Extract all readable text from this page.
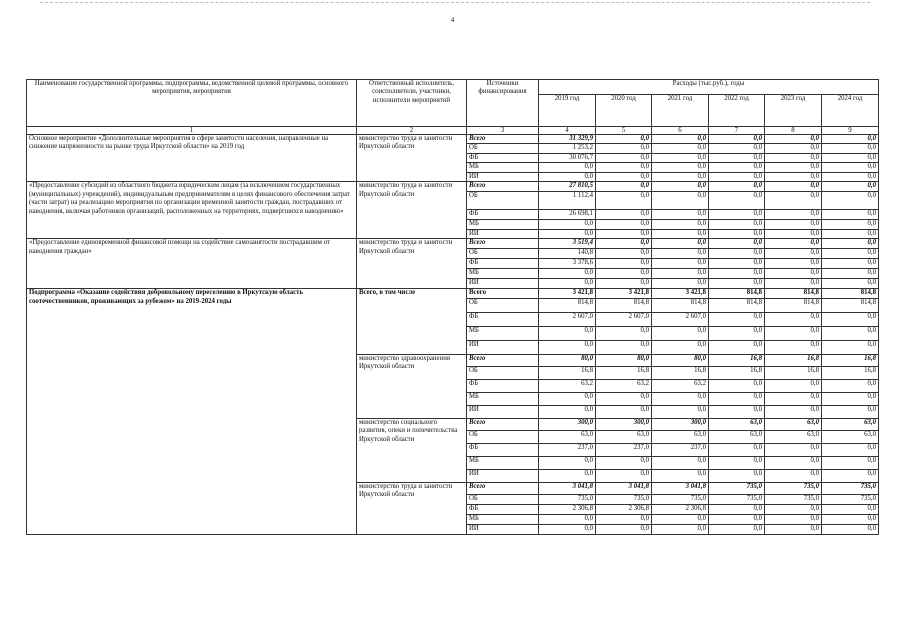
4
Наименование государственной программы, подпрограммы, ведомственной целевой программы, основного мероприятия, мероприятия	Ответственный исполнитель, соисполнители, участники, исполнители мероприятий	Источники финансирования	Расходы (тыс.руб.), годы					
			2019 год	2020 год	2021 год	2022 год	2023 год	2024 год
1	2	3	4	5	6	7	8	9
Основное мероприятие «Дополнительные мероприятия в сфере занятости населения, направленные на снижение напряженности на рынке труда Иркутской области» на 2019 год	министерство труда и занятости Иркутской области	Всего	31 329,9	0,0	0,0	0,0	0,0	0,0
		ОБ	1 253,2	0,0	0,0	0,0	0,0	0,0
		ФБ	30 076,7	0,0	0,0	0,0	0,0	0,0
		МБ	0,0	0,0	0,0	0,0	0,0	0,0
		ИИ	0,0	0,0	0,0	0,0	0,0	0,0
«Предоставление субсидий из областного бюджета юридическим лицам (за исключением государственных (муниципальных) учреждений), индивидуальным предпринимателям в целях финансового обеспечения затрат (части затрат) на реализацию мероприятия по организации временной занятости граждан, пострадавших от наводнения, включая работников организаций, расположенных на территориях, подвергшихся наводнению»	министерство труда и занятости Иркутской области	Всего	27 810,5	0,0	0,0	0,0	0,0	0,0
		ОБ	1 112,4	0,0	0,0	0,0	0,0	0,0
		ФБ	26 698,1	0,0	0,0	0,0	0,0	0,0
		МБ	0,0	0,0	0,0	0,0	0,0	0,0
		ИИ	0,0	0,0	0,0	0,0	0,0	0,0
«Предоставление единовременной финансовой помощи на содействие самозанятости пострадавшим от наводнения граждан»	министерство труда и занятости Иркутской области	Всего	3 519,4	0,0	0,0	0,0	0,0	0,0
		ОБ	140,8	0,0	0,0	0,0	0,0	0,0
		ФБ	3 378,6	0,0	0,0	0,0	0,0	0,0
		МБ	0,0	0,0	0,0	0,0	0,0	0,0
		ИИ	0,0	0,0	0,0	0,0	0,0	0,0
Подпрограмма «Оказание содействия добровольному переселению в Иркутскую область соотечественников, проживающих за рубежом» на 2019-2024 годы	Всего, в том числе	Всего	3 421,8	3 421,8	3 421,8	814,8	814,8	814,8
		ОБ	814,8	814,8	814,8	814,8	814,8	814,8
		ФБ	2 607,0	2 607,0	2 607,0	0,0	0,0	0,0
		МБ	0,0	0,0	0,0	0,0	0,0	0,0
		ИИ	0,0	0,0	0,0	0,0	0,0	0,0
	министерство здравоохранения Иркутской области	Всего	80,0	80,0	80,0	16,8	16,8	16,8
		ОБ	16,8	16,8	16,8	16,8	16,8	16,8
		ФБ	63,2	63,2	63,2	0,0	0,0	0,0
		МБ	0,0	0,0	0,0	0,0	0,0	0,0
		ИИ	0,0	0,0	0,0	0,0	0,0	0,0
	министерство социального развития, опеки и попечительства Иркутской области	Всего	300,0	300,0	300,0	63,0	63,0	63,0
		ОБ	63,0	63,0	63,0	63,0	63,0	63,0
		ФБ	237,0	237,0	237,0	0,0	0,0	0,0
		МБ	0,0	0,0	0,0	0,0	0,0	0,0
		ИИ	0,0	0,0	0,0	0,0	0,0	0,0
	министерство труда и занятости Иркутской области	Всего	3 041,8	3 041,8	3 041,8	735,0	735,0	735,0
		ОБ	735,0	735,0	735,0	735,0	735,0	735,0
		ФБ	2 306,8	2 306,8	2 306,8	0,0	0,0	0,0
		МБ	0,0	0,0	0,0	0,0	0,0	0,0
		ИИ	0,0	0,0	0,0	0,0	0,0	0,0
